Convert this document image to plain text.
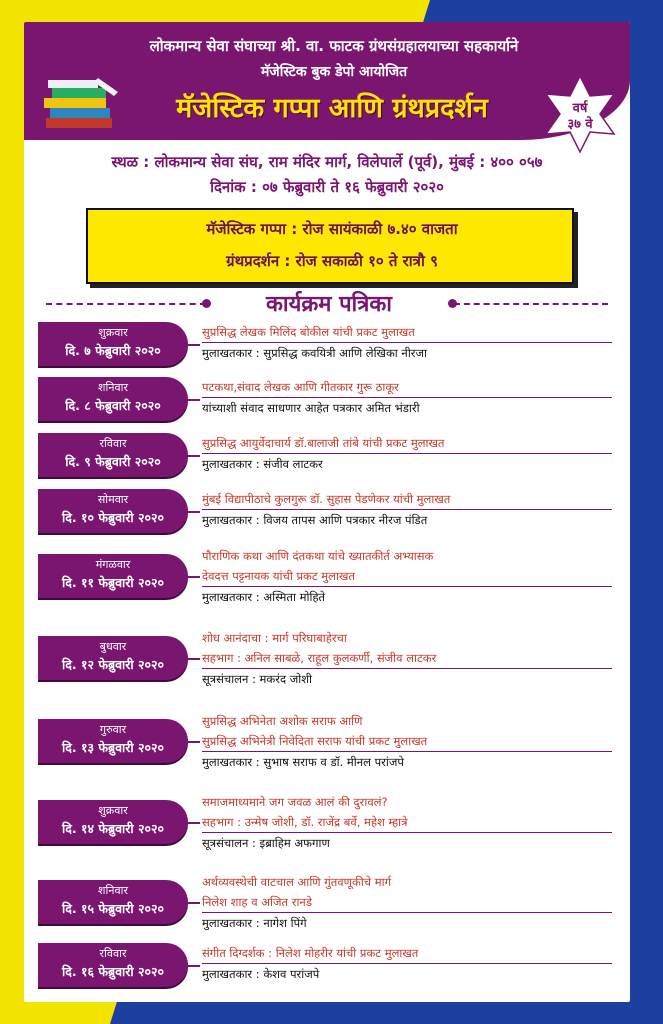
लोकमान्य सेवा संघाच्या श्री. वा. फाटक ग्रंथसंग्रहालयाच्या सहकार्याने
मॅजेस्टिक बुक डेपो आयोजित
मॅजेस्टिक गप्पा आणि ग्रंथप्रदर्शन	वर्ष
३७ वे
स्थळ : लोकमान्य सेवा संघ, राम मंदिर मार्ग, विलेपार्ले (पूर्व), मुंबई : ४०० ०५७
दिनांक : ०७ फेब्रुवारी ते १६ फेब्रुवारी २०२०
मॅजेस्टिक गप्पा : रोज सायंकाळी ७.४० वाजता
ग्रंथप्रदर्शन : रोज सकाळी १० ते रात्रौ ९
कार्यक्रम पत्रिका
शुक्रवार
दि. ७ फेब्रुवारी २०२०
सुप्रसिद्ध लेखक मिलिंद बोकील यांची प्रकट मुलाखत
मुलाखतकार : सुप्रसिद्ध कवयित्री आणि लेखिका नीरजा
शनिवार
दि. ८ फेब्रुवारी २०२०
पटकथा,संवाद लेखक आणि गीतकार गुरू ठाकूर
यांच्याशी संवाद साधणार आहेत पत्रकार अमित भंडारी
रविवार
दि. ९ फेब्रुवारी २०२०
सुप्रसिद्ध आयुर्वेदाचार्य डॉ.बालाजी तांबे यांची प्रकट मुलाखत
मुलाखतकार : संजीव लाटकर
सोमवार
दि. १० फेब्रुवारी २०२०
मुंबई विद्यापीठाचे कुलगुरू डॉ. सुहास पेडणेकर यांची मुलाखत
मुलाखतकार : विजय तापस आणि पत्रकार नीरज पंडित
मंगळवार
दि. ११ फेब्रुवारी २०२०
पौराणिक कथा आणि दंतकथा यांचे ख्यातकीर्त अभ्यासक
देवदत्त पट्टनायक यांची प्रकट मुलाखत
मुलाखतकार : अस्मिता मोहिते
बुधवार
दि. १२ फेब्रुवारी २०२०
शोध आनंदाचा : मार्ग परिघाबाहेरचा
सहभाग : अनिल साबळे, राहूल कुलकर्णी, संजीव लाटकर
सूत्रसंचालन : मकरंद जोशी
गुरुवार
दि. १३ फेब्रुवारी २०२०
सुप्रसिद्ध अभिनेता अशोक सराफ आणि
सुप्रसिद्ध अभिनेत्री निवेदिता सराफ यांची प्रकट मुलाखत
मुलाखतकार : सुभाष सराफ व डॉ. मीनल परांजपे
शुक्रवार
दि. १४ फेब्रुवारी २०२०
समाजमाध्यमाने जग जवळ आलं की दुरावलं?
सहभाग : उन्मेष जोशी, डॉ. राजेंद्र बर्वे, महेश म्हात्रे
सूत्रसंचालन : इब्राहिम अफगाण
शनिवार
दि. १५ फेब्रुवारी २०२०
अर्थव्यवस्थेची वाटचाल आणि गुंतवणूकीचे मार्ग
निलेश शाह व अजित रानडे
मुलाखतकार : नागेश पिंगे
रविवार
दि. १६ फेब्रुवारी २०२०
संगीत दिग्दर्शक : निलेश मोहरीर यांची प्रकट मुलाखत
मुलाखतकार : केशव परांजपे
